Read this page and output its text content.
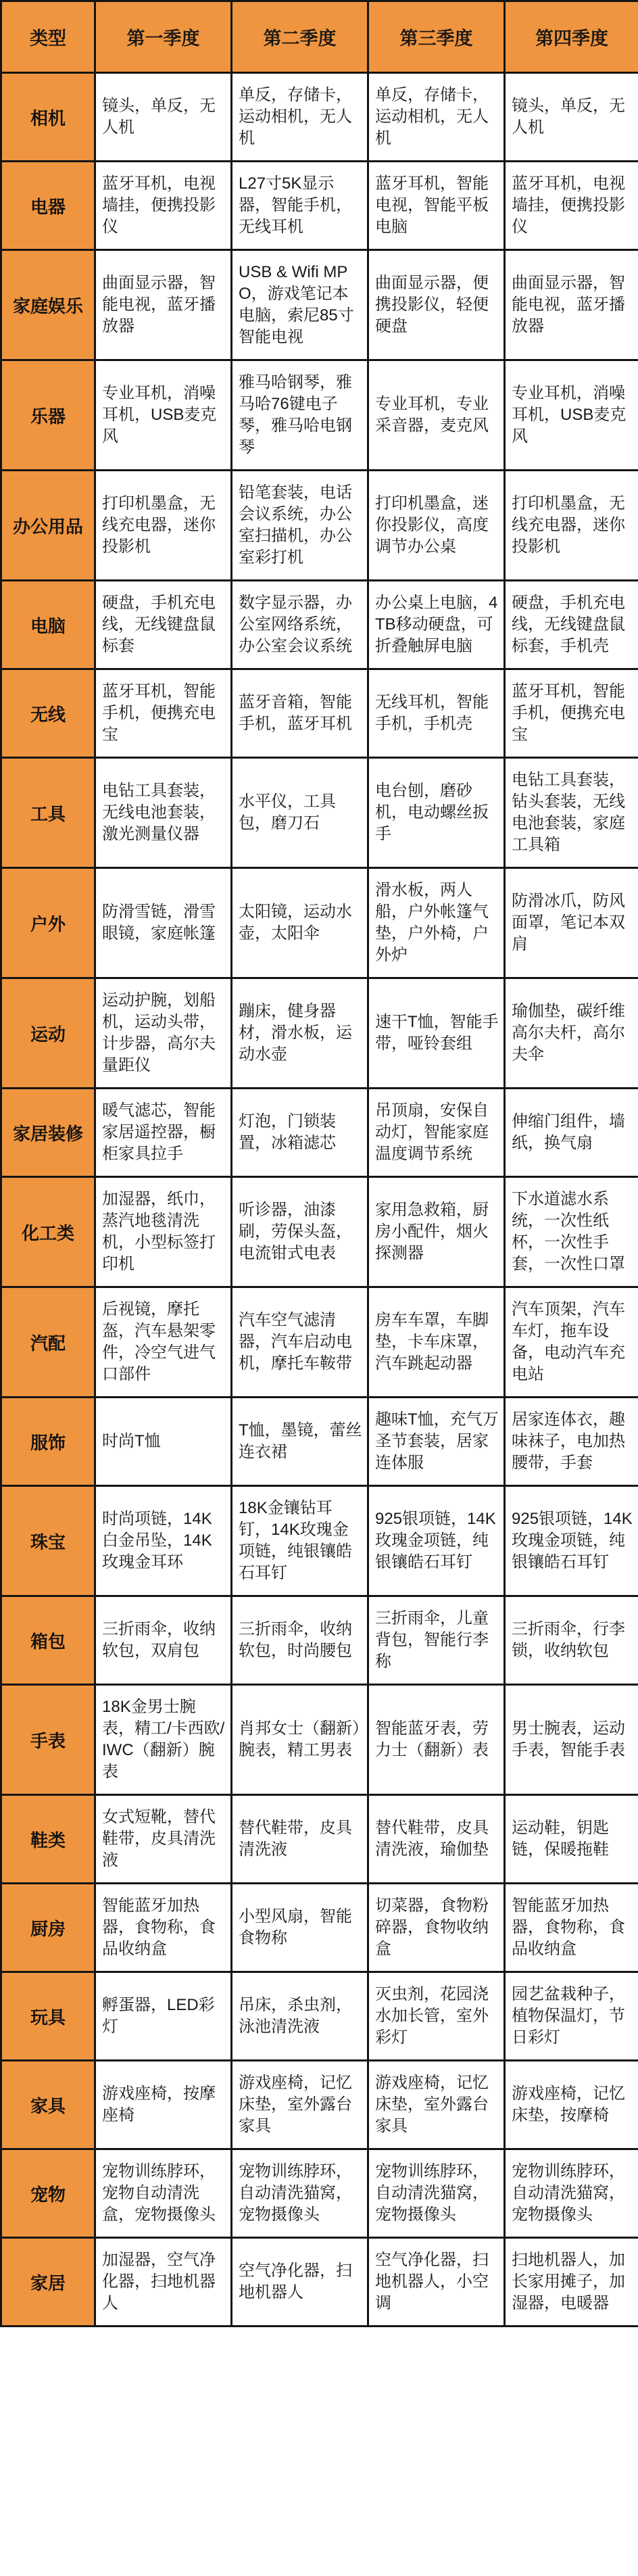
类型	第一季度	第二季度	第三季度	第四季度
相机	镜头，单反，无人机	单反，存储卡，运动相机，无人机	单反，存储卡，运动相机，无人机	镜头，单反，无人机
电器	蓝牙耳机，电视墙挂，便携投影仪	L27寸5K显示器，智能手机，无线耳机	蓝牙耳机，智能电视，智能平板电脑	蓝牙耳机，电视墙挂，便携投影仪
家庭娱乐	曲面显示器，智能电视，蓝牙播放器	USB & Wifi MPO，游戏笔记本电脑，索尼85寸智能电视	曲面显示器，便携投影仪，轻便硬盘	曲面显示器，智能电视，蓝牙播放器
乐器	专业耳机，消噪耳机，USB麦克风	雅马哈钢琴，雅马哈76键电子琴，雅马哈电钢琴	专业耳机，专业采音器，麦克风	专业耳机，消噪耳机，USB麦克风
办公用品	打印机墨盒，无线充电器，迷你投影机	铅笔套装，电话会议系统，办公室扫描机，办公室彩打机	打印机墨盒，迷你投影仪，高度调节办公桌	打印机墨盒，无线充电器，迷你投影机
电脑	硬盘，手机充电线，无线键盘鼠标套	数字显示器，办公室网络系统，办公室会议系统	办公桌上电脑，4TB移动硬盘，可折叠触屏电脑	硬盘，手机充电线，无线键盘鼠标套，手机壳
无线	蓝牙耳机，智能手机，便携充电宝	蓝牙音箱，智能手机，蓝牙耳机	无线耳机，智能手机，手机壳	蓝牙耳机，智能手机，便携充电宝
工具	电钻工具套装，无线电池套装，激光测量仪器	水平仪，工具包，磨刀石	电台刨，磨砂机，电动螺丝扳手	电钻工具套装，钻头套装，无线电池套装，家庭工具箱
户外	防滑雪链，滑雪眼镜，家庭帐篷	太阳镜，运动水壶，太阳伞	滑水板，两人船，户外帐篷气垫，户外椅，户外炉	防滑冰爪，防风面罩，笔记本双肩
运动	运动护腕，划船机，运动头带，计步器，高尔夫量距仪	蹦床，健身器材，滑水板，运动水壶	速干T恤，智能手带，哑铃套组	瑜伽垫，碳纤维高尔夫杆，高尔夫伞
家居装修	暖气滤芯，智能家居遥控器，橱柜家具拉手	灯泡，门锁装置，冰箱滤芯	吊顶扇，安保自动灯，智能家庭温度调节系统	伸缩门组件，墙纸，换气扇
化工类	加湿器，纸巾，蒸汽地毯清洗机，小型标签打印机	听诊器，油漆刷，劳保头盔，电流钳式电表	家用急救箱，厨房小配件，烟火探测器	下水道滤水系统，一次性纸杯，一次性手套，一次性口罩
汽配	后视镜，摩托盔，汽车悬架零件，冷空气进气口部件	汽车空气滤清器，汽车启动电机，摩托车鞍带	房车车罩，车脚垫，卡车床罩，汽车跳起动器	汽车顶架，汽车车灯，拖车设备，电动汽车充电站
服饰	时尚T恤	T恤，墨镜，蕾丝连衣裙	趣味T恤，充气万圣节套装，居家连体服	居家连体衣，趣味袜子，电加热腰带，手套
珠宝	时尚项链，14K白金吊坠，14K玫瑰金耳环	18K金镶钻耳钉，14K玫瑰金项链，纯银镶皓石耳钉	925银项链，14K玫瑰金项链，纯银镶皓石耳钉	925银项链，14K玫瑰金项链，纯银镶皓石耳钉
箱包	三折雨伞，收纳软包，双肩包	三折雨伞，收纳软包，时尚腰包	三折雨伞，儿童背包，智能行李称	三折雨伞，行李锁，收纳软包
手表	18K金男士腕表，精工/卡西欧/IWC（翻新）腕表	肖邦女士（翻新）腕表，精工男表	智能蓝牙表，劳力士（翻新）表	男士腕表，运动手表，智能手表
鞋类	女式短靴，替代鞋带，皮具清洗液	替代鞋带，皮具清洗液	替代鞋带，皮具清洗液，瑜伽垫	运动鞋，钥匙链，保暖拖鞋
厨房	智能蓝牙加热器，食物称，食品收纳盒	小型风扇，智能食物称	切菜器，食物粉碎器，食物收纳盒	智能蓝牙加热器，食物称，食品收纳盒
玩具	孵蛋器，LED彩灯	吊床，杀虫剂，泳池清洗液	灭虫剂，花园浇水加长管，室外彩灯	园艺盆栽种子，植物保温灯，节日彩灯
家具	游戏座椅，按摩座椅	游戏座椅，记忆床垫，室外露台家具	游戏座椅，记忆床垫，室外露台家具	游戏座椅，记忆床垫，按摩椅
宠物	宠物训练脖环，宠物自动清洗盒，宠物摄像头	宠物训练脖环，自动清洗猫窝，宠物摄像头	宠物训练脖环，自动清洗猫窝，宠物摄像头	宠物训练脖环，自动清洗猫窝，宠物摄像头
家居	加湿器，空气净化器，扫地机器人	空气净化器，扫地机器人	空气净化器，扫地机器人，小空调	扫地机器人，加长家用摊子，加湿器，电暖器
